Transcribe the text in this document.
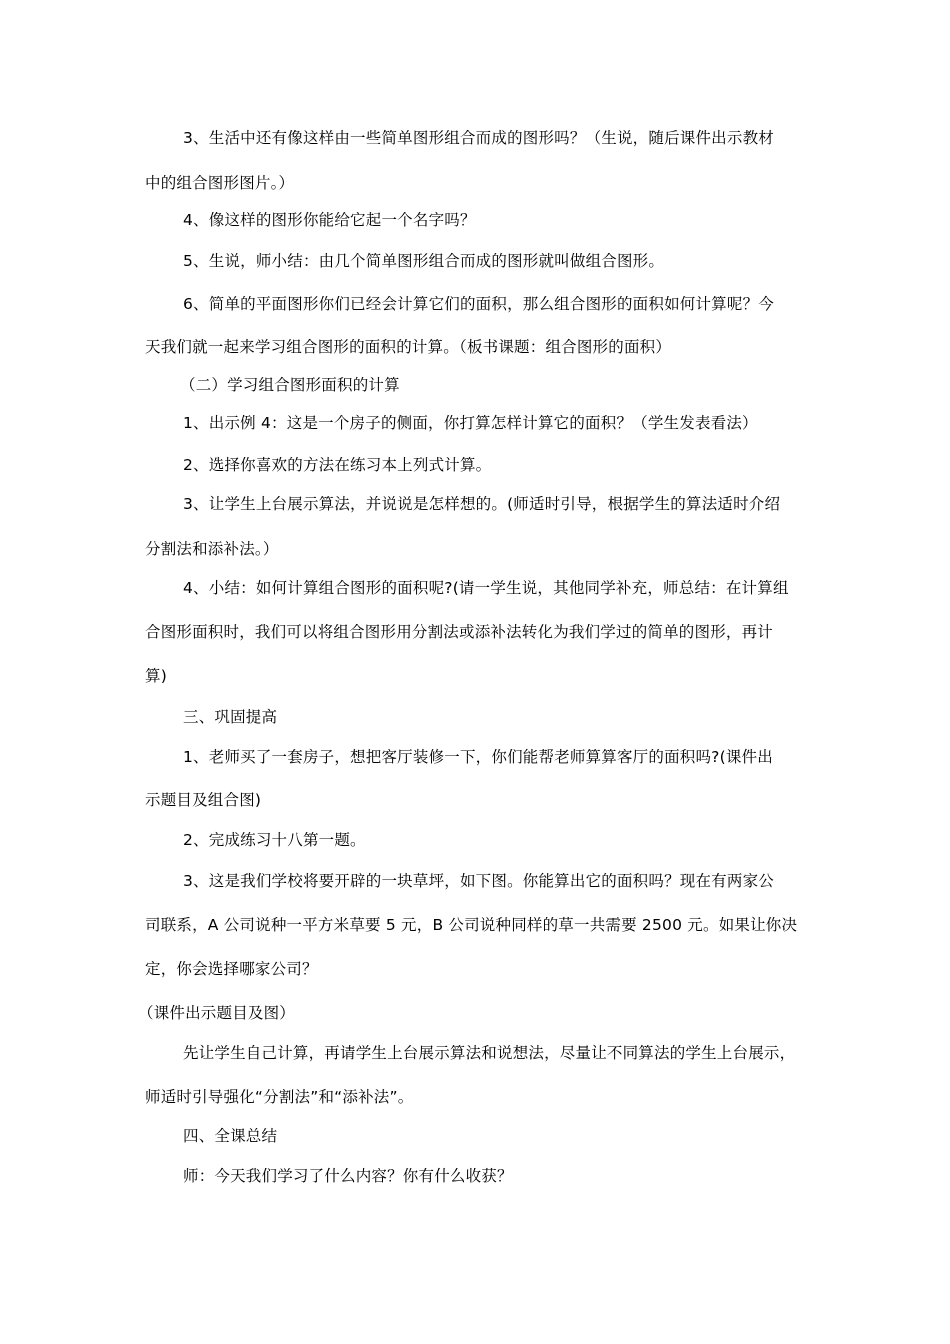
3、生活中还有像这样由一些简单图形组合而成的图形吗？（生说，随后课件出示教材
中的组合图形图片。）
4、像这样的图形你能给它起一个名字吗？
5、生说，师小结：由几个简单图形组合而成的图形就叫做组合图形。
6、简单的平面图形你们已经会计算它们的面积，那么组合图形的面积如何计算呢？今
天我们就一起来学习组合图形的面积的计算。（板书课题：组合图形的面积）
（二）学习组合图形面积的计算
1、出示例 4：这是一个房子的侧面，你打算怎样计算它的面积？（学生发表看法）
2、选择你喜欢的方法在练习本上列式计算。
3、让学生上台展示算法，并说说是怎样想的。(师适时引导，根据学生的算法适时介绍
分割法和添补法。）
4、小结：如何计算组合图形的面积呢?(请一学生说，其他同学补充，师总结：在计算组
合图形面积时，我们可以将组合图形用分割法或添补法转化为我们学过的简单的图形，再计
算)
三、巩固提高
1、老师买了一套房子，想把客厅装修一下，你们能帮老师算算客厅的面积吗?(课件出
示题目及组合图)
2、完成练习十八第一题。
3、这是我们学校将要开辟的一块草坪，如下图。你能算出它的面积吗？现在有两家公
司联系，A 公司说种一平方米草要 5 元，B 公司说种同样的草一共需要 2500 元。如果让你决
定，你会选择哪家公司？
（课件出示题目及图）
先让学生自己计算，再请学生上台展示算法和说想法，尽量让不同算法的学生上台展示，
师适时引导强化“分割法”和“添补法”。
四、全课总结
师：今天我们学习了什么内容？你有什么收获？
